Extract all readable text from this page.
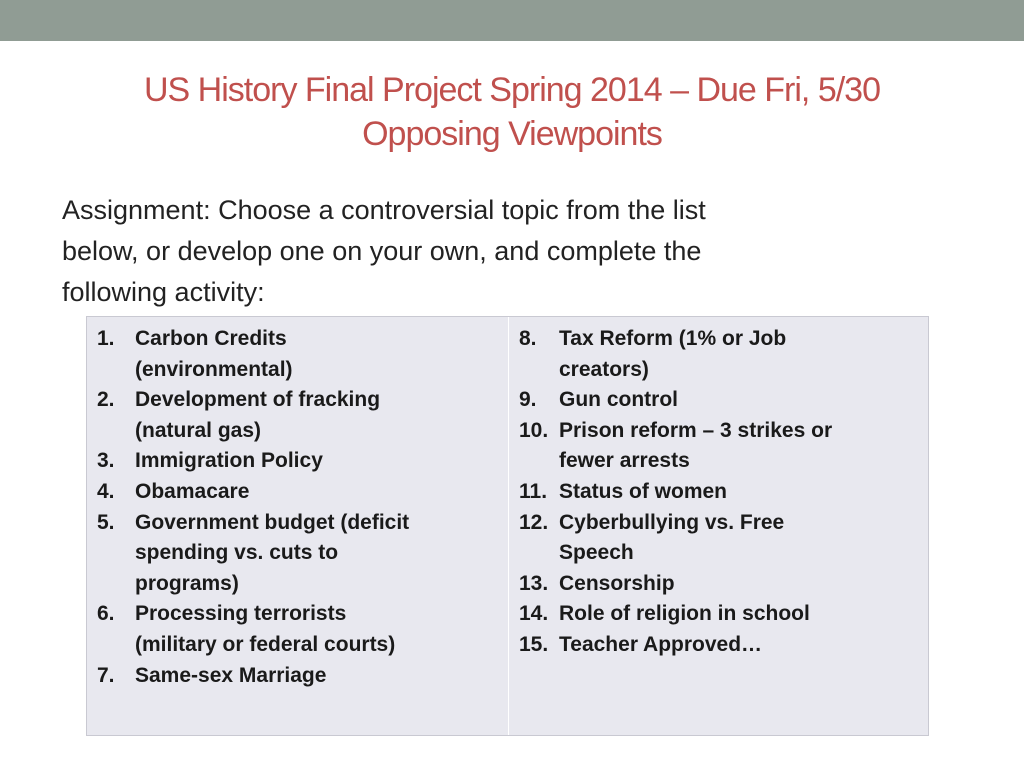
US History Final Project Spring 2014 – Due Fri, 5/30
Opposing Viewpoints
Assignment: Choose a controversial topic from the list
below, or develop one on your own, and complete the
following activity:
1. Carbon Credits
(environmental)
2. Development of fracking
(natural gas)
3. Immigration Policy
4. Obamacare
5. Government budget (deficit
spending vs. cuts to
programs)
6. Processing terrorists
(military or federal courts)
7. Same-sex Marriage
8.	Tax Reform (1% or Job
creators)
9.	Gun control
10. Prison reform – 3 strikes or
fewer arrests
11. Status of women
12. Cyberbullying vs. Free
Speech
13. Censorship
14. Role of religion in school
15. Teacher Approved…
